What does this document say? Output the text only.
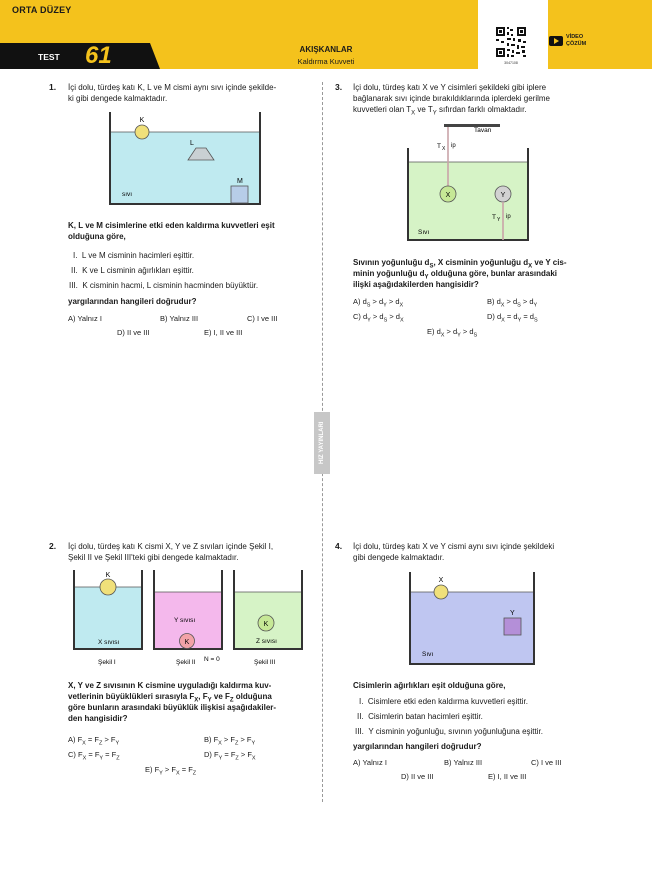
3047108
ORTA DÜZEY
TEST 61	AKIŞKANLAR
Kaldırma Kuvveti
VİDEO
ÇÖZÜM
HIZ YAYINLARI
1. İçi dolu, türdeş katı K, L ve M cismi aynı sıvı içinde şekilde-
ki gibi dengede kalmaktadır.
K
L
M
sıvı
K, L ve M cisimlerine etki eden kaldırma kuvvetleri eşit
olduğuna göre,
I. L ve M cisminin hacimleri eşittir.
II. K ve L cisminin ağırlıkları eşittir.
III. K cisminin hacmi, L cisminin hacminden büyüktür.
yargılarından hangileri doğrudur?
A) Yalnız I	B) Yalnız III	C) I ve III
D) II ve III	E) I, II ve III
2. İçi dolu, türdeş katı K cismi X, Y ve Z sıvıları içinde Şekil I,
Şekil II ve Şekil III'teki gibi dengede kalmaktadır.
K
X sıvısı
Şekil I
K
Y sıvısı
Şekil II N = 0
K
Z sıvısı
Şekil III
X, Y ve Z sıvısının K cismine uyguladığı kaldırma kuv-
vetlerinin büyüklükleri sırasıyla $F_X$, $F_Y$ ve $F_Z$ olduğuna
göre bunların arasındaki büyüklük ilişkisi aşağıdakiler-
den hangisidir?
A) $F_X = F_Z > F_Y$	B) $F_X > F_Z > F_Y$
C) $F_X = F_Y = F_Z$	D) $F_Y = F_Z > F_X$
E) $F_Y > F_X = F_Z$
3. İçi dolu, türdeş katı X ve Y cisimleri şekildeki gibi iplere
bağlanarak sıvı içinde bırakıldıklarında iplerdeki gerilme
kuvvetleri olan $T_X$ ve $T_Y$ sıfırdan farklı olmaktadır.
Tavan
T X ip
X	Y
T Y ip
Sıvı
Sıvının yoğunluğu $d_S$, X cisminin yoğunluğu $d_X$ ve Y cis-
minin yoğunluğu $d_Y$ olduğuna göre, bunlar arasındaki
ilişki aşağıdakilerden hangisidir?
A) $d_S > d_Y > d_X$	B) $d_X > d_S > d_Y$
C) $d_Y > d_S > d_X$	D) $d_X = d_Y = d_S$
E) $d_X > d_Y > d_S$
4. İçi dolu, türdeş katı X ve Y cismi aynı sıvı içinde şekildeki
gibi dengede kalmaktadır.
X
Y
Sıvı
Cisimlerin ağırlıkları eşit olduğuna göre,
I. Cisimlere etki eden kaldırma kuvvetleri eşittir.
II. Cisimlerin batan hacimleri eşittir.
III. Y cisminin yoğunluğu, sıvının yoğunluğuna eşittir.
yargılarından hangileri doğrudur?
A) Yalnız I	B) Yalnız III	C) I ve III
D) II ve III	E) I, II ve III
